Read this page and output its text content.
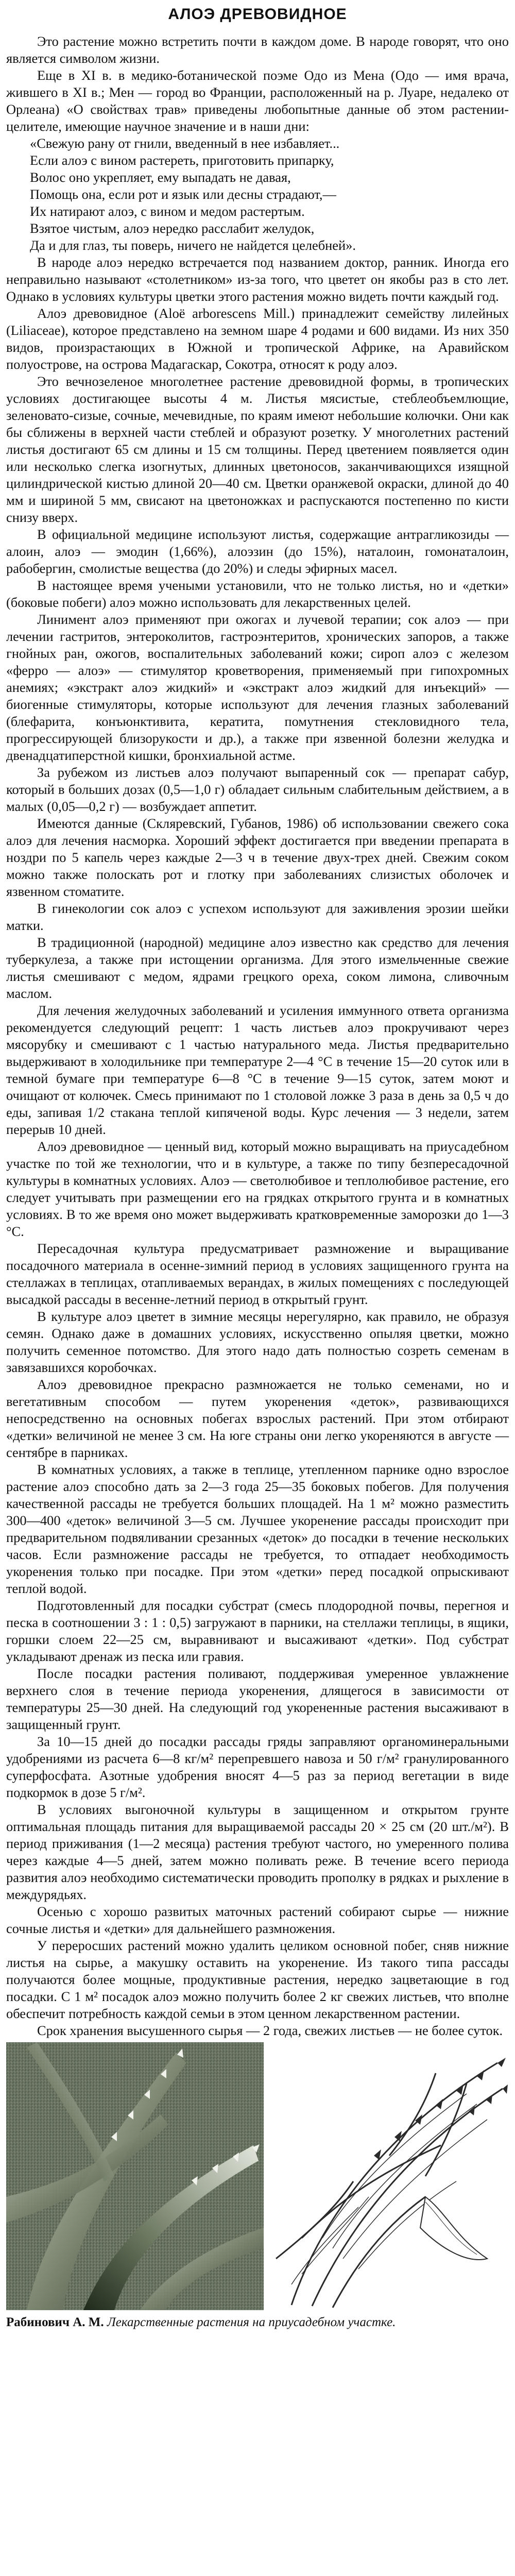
АЛОЭ ДРЕВОВИДНОЕ

Это растение можно встретить почти в каждом доме. В народе говорят, что оно является символом жизни.

Еще в XI в. в медико-ботанической поэме Одо из Мена (Одо — имя врача, жившего в XI в.; Мен — город во Франции, расположенный на р. Луаре, недалеко от Орлеана) «О свойствах трав» приведены любопытные данные об этом растении-целителе, имеющие научное значение и в наши дни:

«Свежую рану от гнили, введенный в нее избавляет...
Если алоэ с вином растереть, приготовить припарку,
Волос оно укрепляет, ему выпадать не давая,
Помощь она, если рот и язык или десны страдают,—
Их натирают алоэ, с вином и медом растертым.
Взятое чистым, алоэ нередко расслабит желудок,
Да и для глаз, ты поверь, ничего не найдется целебней».

В народе алоэ нередко встречается под названием доктор, ранник. Иногда его неправильно называют «столетником» из-за того, что цветет он якобы раз в сто лет. Однако в условиях культуры цветки этого растения можно видеть почти каждый год.

Алоэ древовидное (Aloë arborescens Mill.) принадлежит семейству лилейных (Liliaceae), которое представлено на земном шаре 4 родами и 600 видами. Из них 350 видов, произрастающих в Южной и тропической Африке, на Аравийском полуострове, на острова Мадагаскар, Сокотра, относят к роду алоэ.

Это вечнозеленое многолетнее растение древовидной формы, в тропических условиях достигающее высоты 4 м. Листья мясистые, стеблеобъемлющие, зеленовато-сизые, сочные, мечевидные, по краям имеют небольшие колючки. Они как бы сближены в верхней части стеблей и образуют розетку. У многолетних растений листья достигают 65 см длины и 15 см толщины. Перед цветением появляется один или несколько слегка изогнутых, длинных цветоносов, заканчивающихся изящной цилиндрической кистью длиной 20—40 см. Цветки оранжевой окраски, длиной до 40 мм и шириной 5 мм, свисают на цветоножках и распускаются постепенно по кисти снизу вверх.

В официальной медицине используют листья, содержащие антрагликозиды — алоин, алоэ — эмодин (1,66%), алоэзин (до 15%), наталоин, гомонаталоин, рабобергин, смолистые вещества (до 20%) и следы эфирных масел.

В настоящее время учеными установили, что не только листья, но и «детки» (боковые побеги) алоэ можно использовать для лекарственных целей.

Линимент алоэ применяют при ожогах и лучевой терапии; сок алоэ — при лечении гастритов, энтероколитов, гастроэнтеритов, хронических запоров, а также гнойных ран, ожогов, воспалительных заболеваний кожи; сироп алоэ с железом «ферро — алоэ» — стимулятор кроветворения, применяемый при гипохромных анемиях; «экстракт алоэ жидкий» и «экстракт алоэ жидкий для инъекций» — биогенные стимуляторы, которые используют для лечения глазных заболеваний (блефарита, конъюнктивита, кератита, помутнения стекловидного тела, прогрессирующей близорукости и др.), а также при язвенной болезни желудка и двенадцатиперстной кишки, бронхиальной астме.

За рубежом из листьев алоэ получают выпаренный сок — препарат сабур, который в больших дозах (0,5—1,0 г) обладает сильным слабительным действием, а в малых (0,05—0,2 г) — возбуждает аппетит.

Имеются данные (Скляревский, Губанов, 1986) об использовании свежего сока алоэ для лечения насморка. Хороший эффект достигается при введении препарата в ноздри по 5 капель через каждые 2—3 ч в течение двух-трех дней. Свежим соком можно также полоскать рот и глотку при заболеваниях слизистых оболочек и язвенном стоматите.

В гинекологии сок алоэ с успехом используют для заживления эрозии шейки матки.

В традиционной (народной) медицине алоэ известно как средство для лечения туберкулеза, а также при истощении организма. Для этого измельченные свежие листья смешивают с медом, ядрами грецкого ореха, соком лимона, сливочным маслом.

Для лечения желудочных заболеваний и усиления иммунного ответа организма рекомендуется следующий рецепт: 1 часть листьев алоэ прокручивают через мясорубку и смешивают с 1 частью натурального меда. Листья предварительно выдерживают в холодильнике при температуре 2—4 °С в течение 15—20 суток или в темной бумаге при температуре 6—8 °С в течение 9—15 суток, затем моют и очищают от колючек. Смесь принимают по 1 столовой ложке 3 раза в день за 0,5 ч до еды, запивая 1/2 стакана теплой кипяченой воды. Курс лечения — 3 недели, затем перерыв 10 дней.

Алоэ древовидное — ценный вид, который можно выращивать на приусадебном участке по той же технологии, что и в культуре, а также по типу безпересадочной культуры в комнатных условиях. Алоэ — светолюбивое и теплолюбивое растение, его следует учитывать при размещении его на грядках открытого грунта и в комнатных условиях. В то же время оно может выдерживать кратковременные заморозки до 1—3 °С.

Пересадочная культура предусматривает размножение и выращивание посадочного материала в осенне-зимний период в условиях защищенного грунта на стеллажах в теплицах, отапливаемых верандах, в жилых помещениях с последующей высадкой рассады в весенне-летний период в открытый грунт.

В культуре алоэ цветет в зимние месяцы нерегулярно, как правило, не образуя семян. Однако даже в домашних условиях, искусственно опыляя цветки, можно получить семенное потомство. Для этого надо дать полностью созреть семенам в завязавшихся коробочках.

Алоэ древовидное прекрасно размножается не только семенами, но и вегетативным способом — путем укоренения «деток», развивающихся непосредственно на основных побегах взрослых растений. При этом отбирают «детки» величиной не менее 3 см. На юге страны они легко укореняются в августе — сентябре в парниках.

В комнатных условиях, а также в теплице, утепленном парнике одно взрослое растение алоэ способно дать за 2—3 года 25—35 боковых побегов. Для получения качественной рассады не требуется больших площадей. На 1 м² можно разместить 300—400 «деток» величиной 3—5 см. Лучшее укоренение рассады происходит при предварительном подвяливании срезанных «деток» до посадки в течение нескольких часов. Если размножение рассады не требуется, то отпадает необходимость укоренения только при посадке. При этом «детки» перед посадкой опрыскивают теплой водой.

Подготовленный для посадки субстрат (смесь плодородной почвы, перегноя и песка в соотношении 3 : 1 : 0,5) загружают в парники, на стеллажи теплицы, в ящики, горшки слоем 22—25 см, выравнивают и высаживают «детки». Под субстрат укладывают дренаж из песка или гравия.

После посадки растения поливают, поддерживая умеренное увлажнение верхнего слоя в течение периода укоренения, длящегося в зависимости от температуры 25—30 дней. На следующий год укорененные растения высаживают в защищенный грунт.

За 10—15 дней до посадки рассады гряды заправляют органоминеральными удобрениями из расчета 6—8 кг/м² перепревшего навоза и 50 г/м² гранулированного суперфосфата. Азотные удобрения вносят 4—5 раз за период вегетации в виде подкормок в дозе 5 г/м².

В условиях выгоночной культуры в защищенном и открытом грунте оптимальная площадь питания для выращиваемой рассады 20 × 25 см (20 шт./м²). В период приживания (1—2 месяца) растения требуют частого, но умеренного полива через каждые 4—5 дней, затем можно поливать реже. В течение всего периода развития алоэ необходимо систематически проводить прополку в рядках и рыхление в междурядьях.

Осенью с хорошо развитых маточных растений собирают сырье — нижние сочные листья и «детки» для дальнейшего размножения.

У переросших растений можно удалить целиком основной побег, сняв нижние листья на сырье, а макушку оставить на укоренение. Из такого типа рассады получаются более мощные, продуктивные растения, нередко зацветающие в год посадки. С 1 м² посадок алоэ можно получить более 2 кг свежих листьев, что вполне обеспечит потребность каждой семьи в этом ценном лекарственном растении.

Срок хранения высушенного сырья — 2 года, свежих листьев — не более суток.

Рабинович А. М. Лекарственные растения на приусадебном участке.
